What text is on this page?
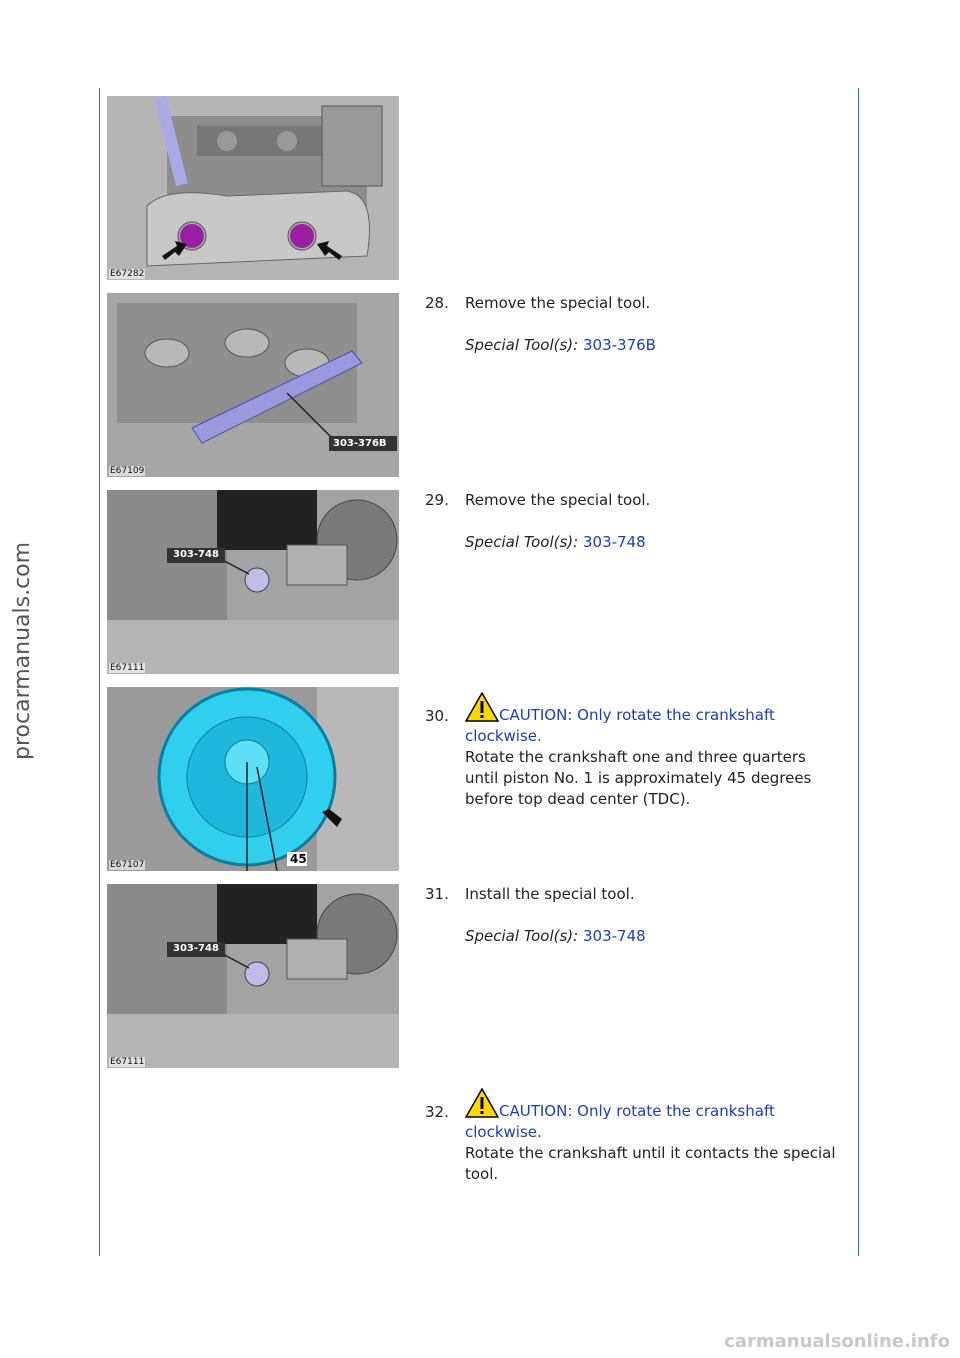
procarmanuals.com
E67282
303-376B
E67109
303-748
E67111
45
E67107
303-748
E67111
28. Remove the special tool.
Special Tool(s): 303-376B
29. Remove the special tool.
Special Tool(s): 303-748
30.	CAUTION: Only rotate the crankshaft
clockwise.
Rotate the crankshaft one and three quarters
until piston No. 1 is approximately 45 degrees
before top dead center (TDC).
31. Install the special tool.
Special Tool(s): 303-748
32.	CAUTION: Only rotate the crankshaft
clockwise.
Rotate the crankshaft until it contacts the special
tool.
carmanualsonline.info
